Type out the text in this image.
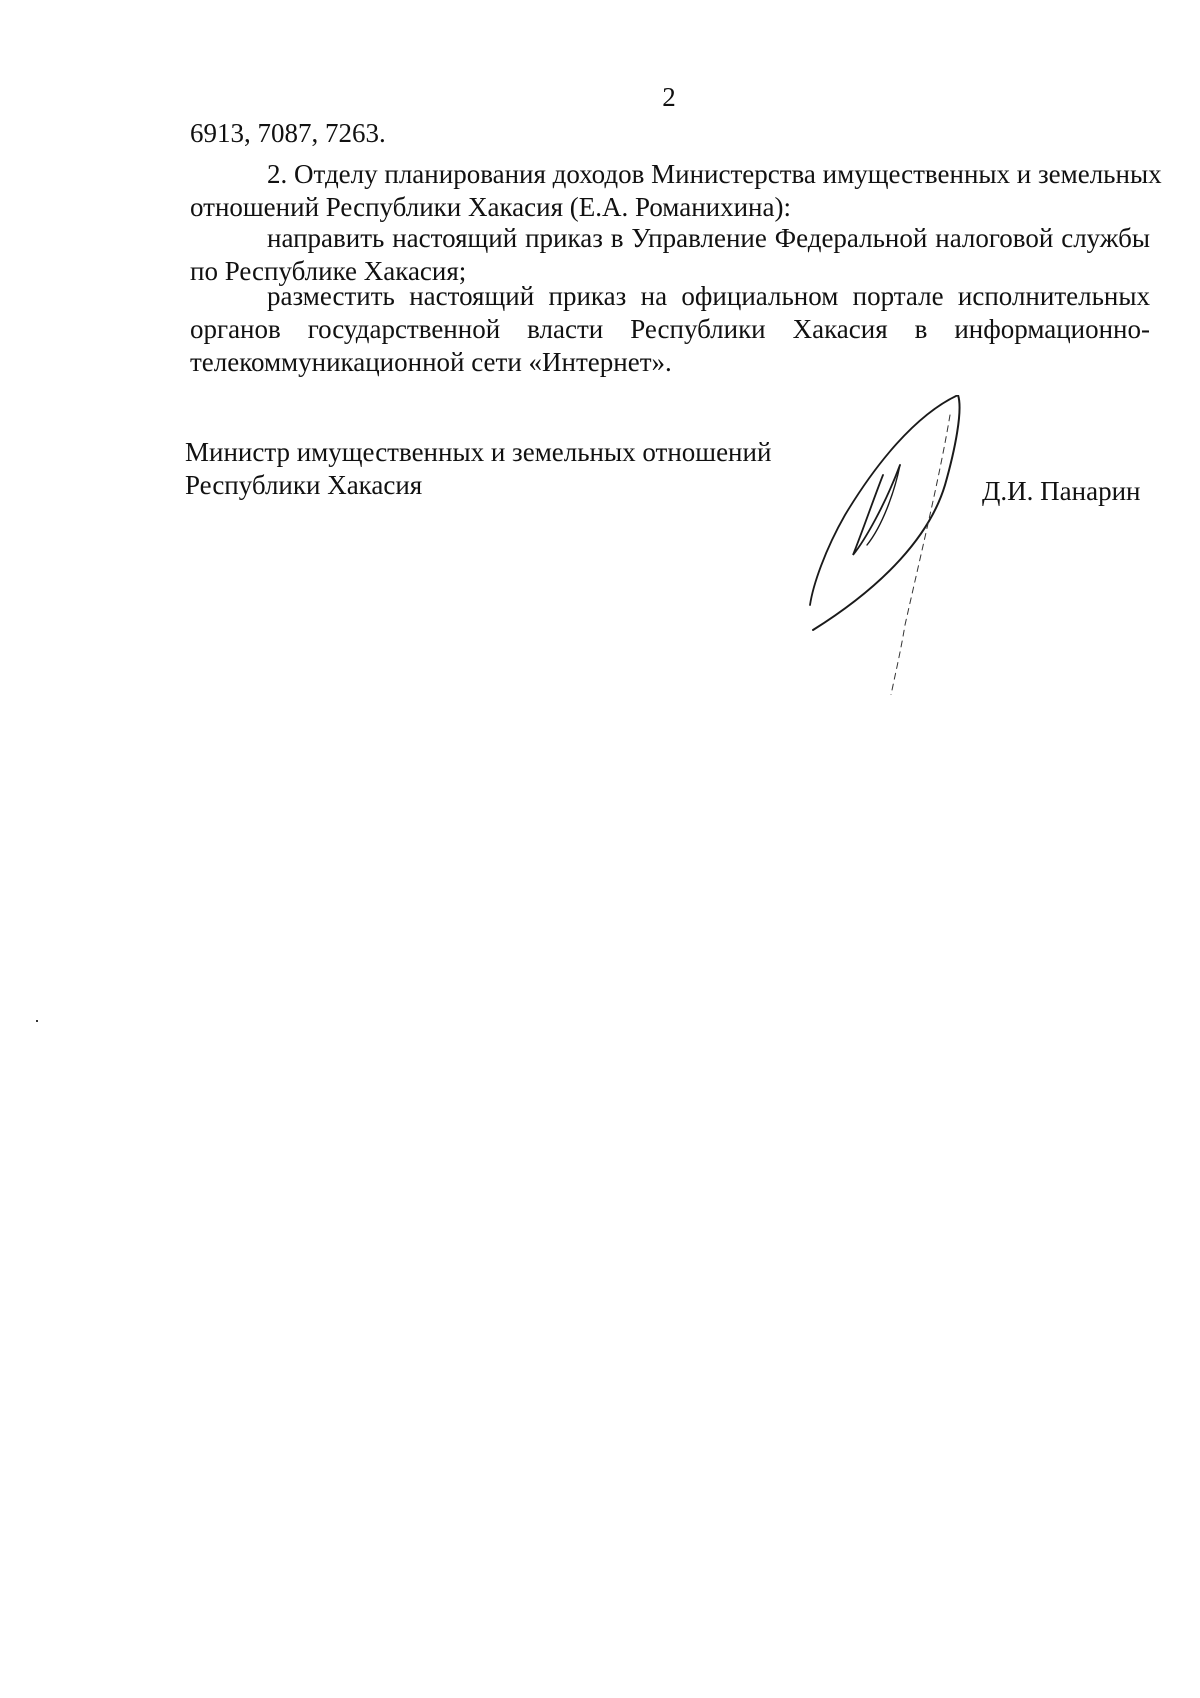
2
6913, 7087, 7263.
2. Отделу планирования доходов Министерства имущественных и земельных
отношений Республики Хакасия (Е.А. Романихина):
направить настоящий приказ в Управление Федеральной налоговой службы
по Республике Хакасия;
разместить настоящий приказ на официальном портале исполнительных
органов государственной власти Республики Хакасия в информационно-
телекоммуникационной сети «Интернет».
Министр имущественных и земельных отношений
Республики Хакасия	Д.И. Панарин
